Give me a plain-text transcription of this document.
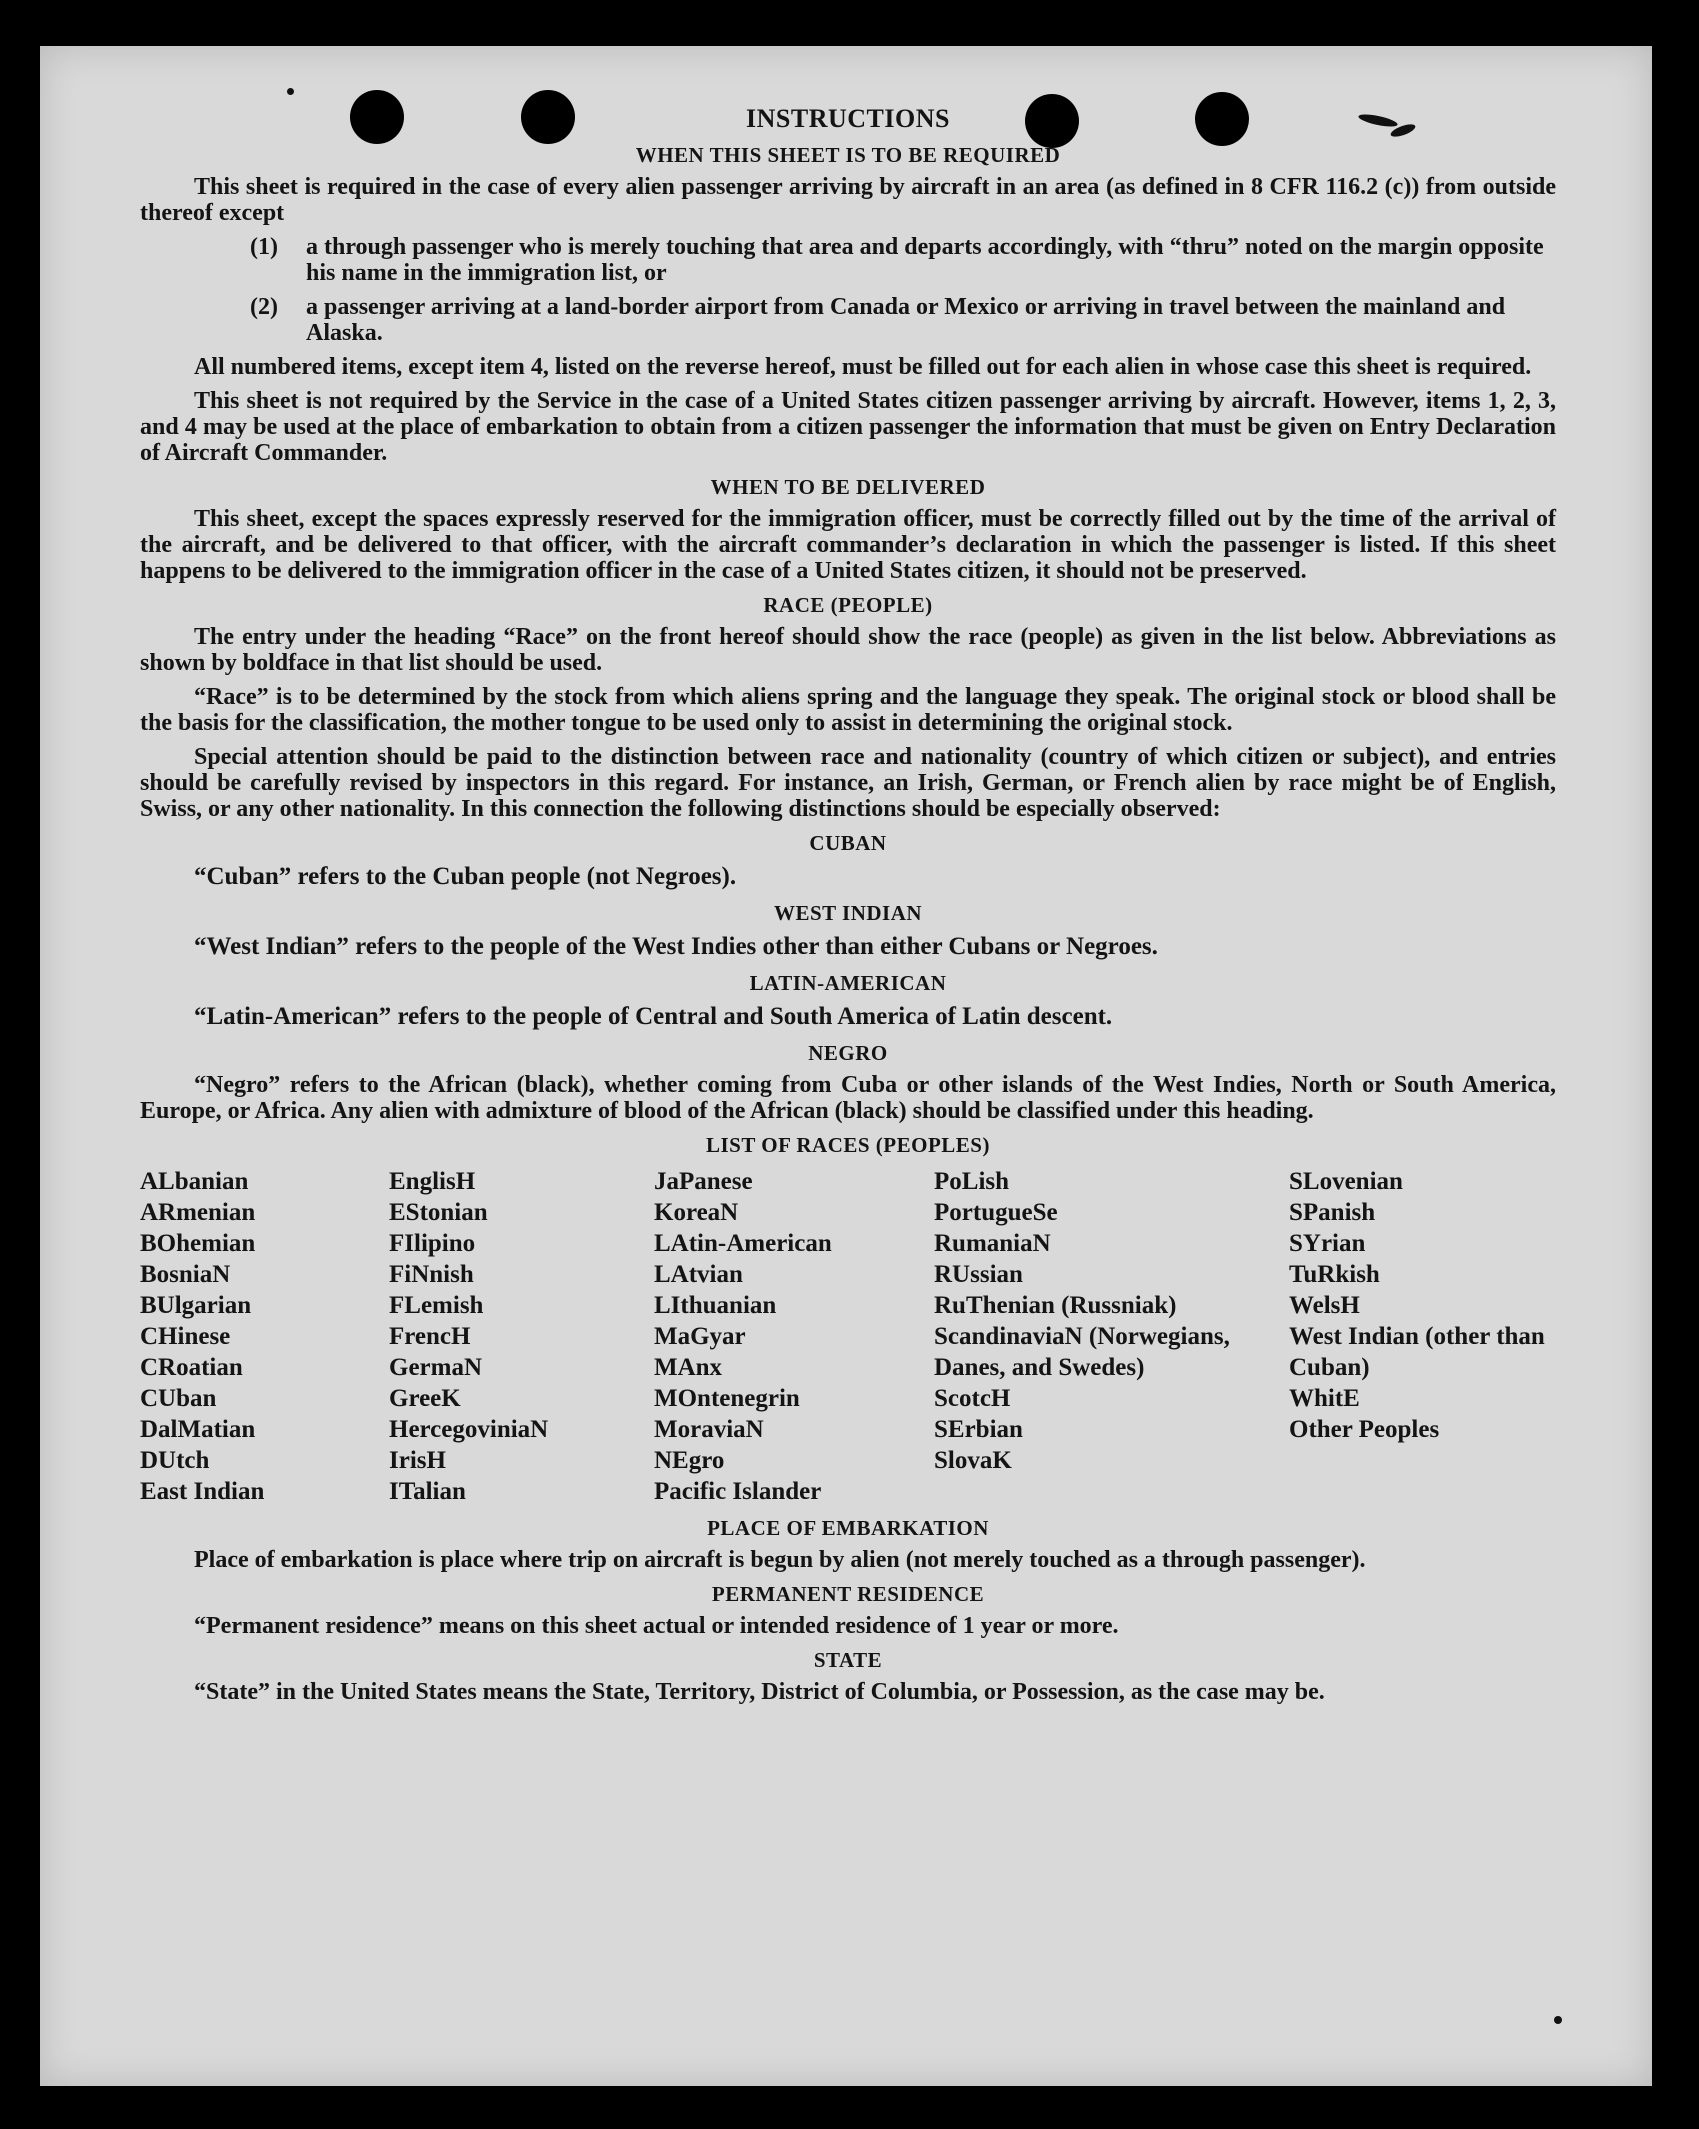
INSTRUCTIONS
WHEN THIS SHEET IS TO BE REQUIRED

This sheet is required in the case of every alien passenger arriving by aircraft in an area (as defined in 8 CFR 116.2 (c)) from outside thereof except

(1)	a through passenger who is merely touching that area and departs accordingly, with “thru” noted on the margin opposite his name in the immigration list, or
(2)	a passenger arriving at a land-border airport from Canada or Mexico or arriving in travel between the mainland and Alaska.

All numbered items, except item 4, listed on the reverse hereof, must be filled out for each alien in whose case this sheet is required.

This sheet is not required by the Service in the case of a United States citizen passenger arriving by aircraft. However, items 1, 2, 3, and 4 may be used at the place of embarkation to obtain from a citizen passenger the information that must be given on Entry Declaration of Aircraft Commander.

WHEN TO BE DELIVERED

This sheet, except the spaces expressly reserved for the immigration officer, must be correctly filled out by the time of the arrival of the aircraft, and be delivered to that officer, with the aircraft commander’s declaration in which the passenger is listed. If this sheet happens to be delivered to the immigration officer in the case of a United States citizen, it should not be preserved.

RACE (PEOPLE)

The entry under the heading “Race” on the front hereof should show the race (people) as given in the list below. Abbreviations as shown by boldface in that list should be used.

“Race” is to be determined by the stock from which aliens spring and the language they speak. The original stock or blood shall be the basis for the classification, the mother tongue to be used only to assist in determining the original stock.

Special attention should be paid to the distinction between race and nationality (country of which citizen or subject), and entries should be carefully revised by inspectors in this regard. For instance, an Irish, German, or French alien by race might be of English, Swiss, or any other nationality. In this connection the following distinctions should be especially observed:

CUBAN
“Cuban” refers to the Cuban people (not Negroes).
WEST INDIAN
“West Indian” refers to the people of the West Indies other than either Cubans or Negroes.
LATIN-AMERICAN
“Latin-American” refers to the people of Central and South America of Latin descent.
NEGRO

“Negro” refers to the African (black), whether coming from Cuba or other islands of the West Indies, North or South America, Europe, or Africa. Any alien with admixture of blood of the African (black) should be classified under this heading.

LIST OF RACES (PEOPLES)
ALbanian
ARmenian
BOhemian
BosniaN
BUlgarian
CHinese
CRoatian
CUban
DalMatian
DUtch
East Indian
EnglisH
EStonian
FIlipino
FiNnish
FLemish
FrencH
GermaN
GreeK
HercegoviniaN
IrisH
ITalian
JaPanese
KoreaN
LAtin-American
LAtvian
LIthuanian
MaGyar
MAnx
MOntenegrin
MoraviaN
NEgro
Pacific Islander
PoLish
PortugueSe
RumaniaN
RUssian
RuThenian (Russniak)
ScandinaviaN (Norwegians, Danes, and Swedes)
ScotcH
SErbian
SlovaK
SLovenian
SPanish
SYrian
TuRkish
WelsH
West Indian (other than Cuban)
WhitE
Other Peoples
PLACE OF EMBARKATION

Place of embarkation is place where trip on aircraft is begun by alien (not merely touched as a through passenger).

PERMANENT RESIDENCE

“Permanent residence” means on this sheet actual or intended residence of 1 year or more.

STATE

“State” in the United States means the State, Territory, District of Columbia, or Possession, as the case may be.
